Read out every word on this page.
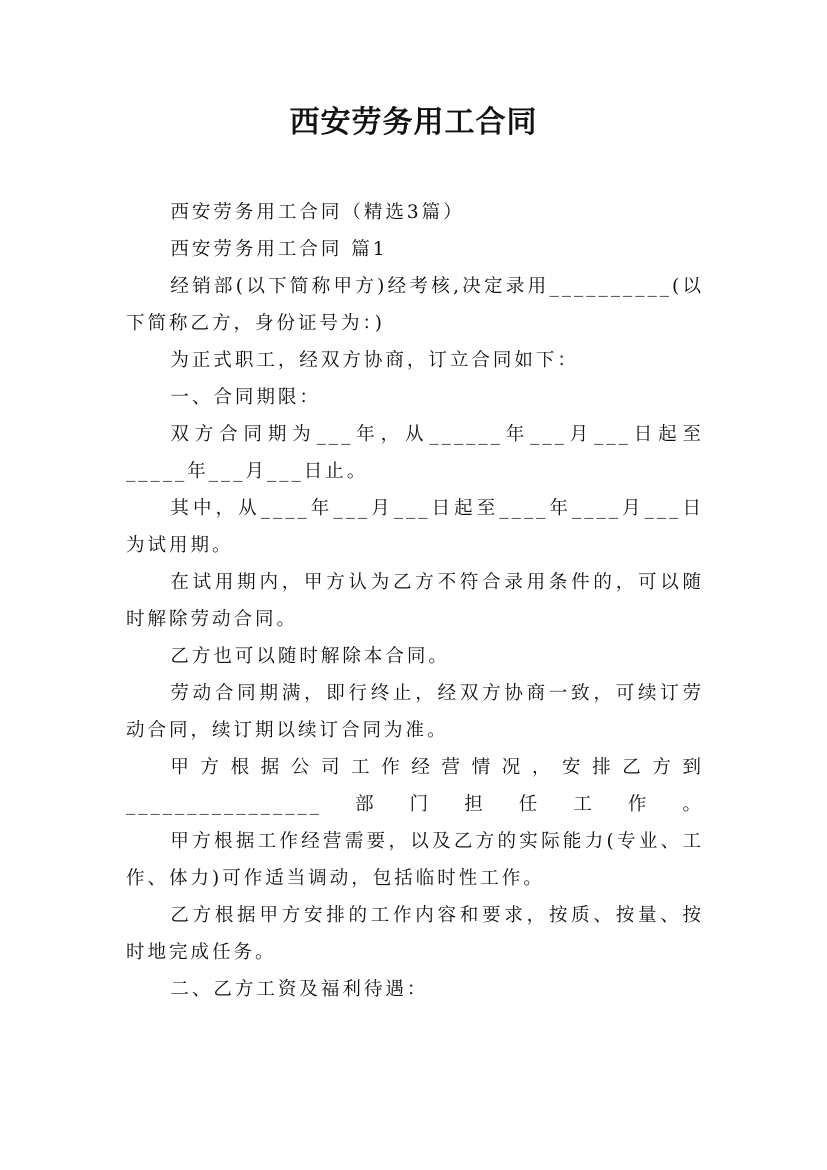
西安劳务用工合同

西安劳务用工合同（精选3篇）

西安劳务用工合同 篇1

经销部(以下简称甲方)经考核,决定录用__________(以下简称乙方，身份证号为：)

为正式职工，经双方协商，订立合同如下：

一、合同期限：

双方合同期为___年，从______年___月___日起至_____年___月___日止。

其中，从____年___月___日起至____年____月___日为试用期。

在试用期内，甲方认为乙方不符合录用条件的，可以随时解除劳动合同。

乙方也可以随时解除本合同。

劳动合同期满，即行终止，经双方协商一致，可续订劳动合同，续订期以续订合同为准。

甲方根据公司工作经营情况，安排乙方到________________部门担任工作。

甲方根据工作经营需要，以及乙方的实际能力(专业、工作、体力)可作适当调动，包括临时性工作。

乙方根据甲方安排的工作内容和要求，按质、按量、按时地完成任务。

二、乙方工资及福利待遇：
